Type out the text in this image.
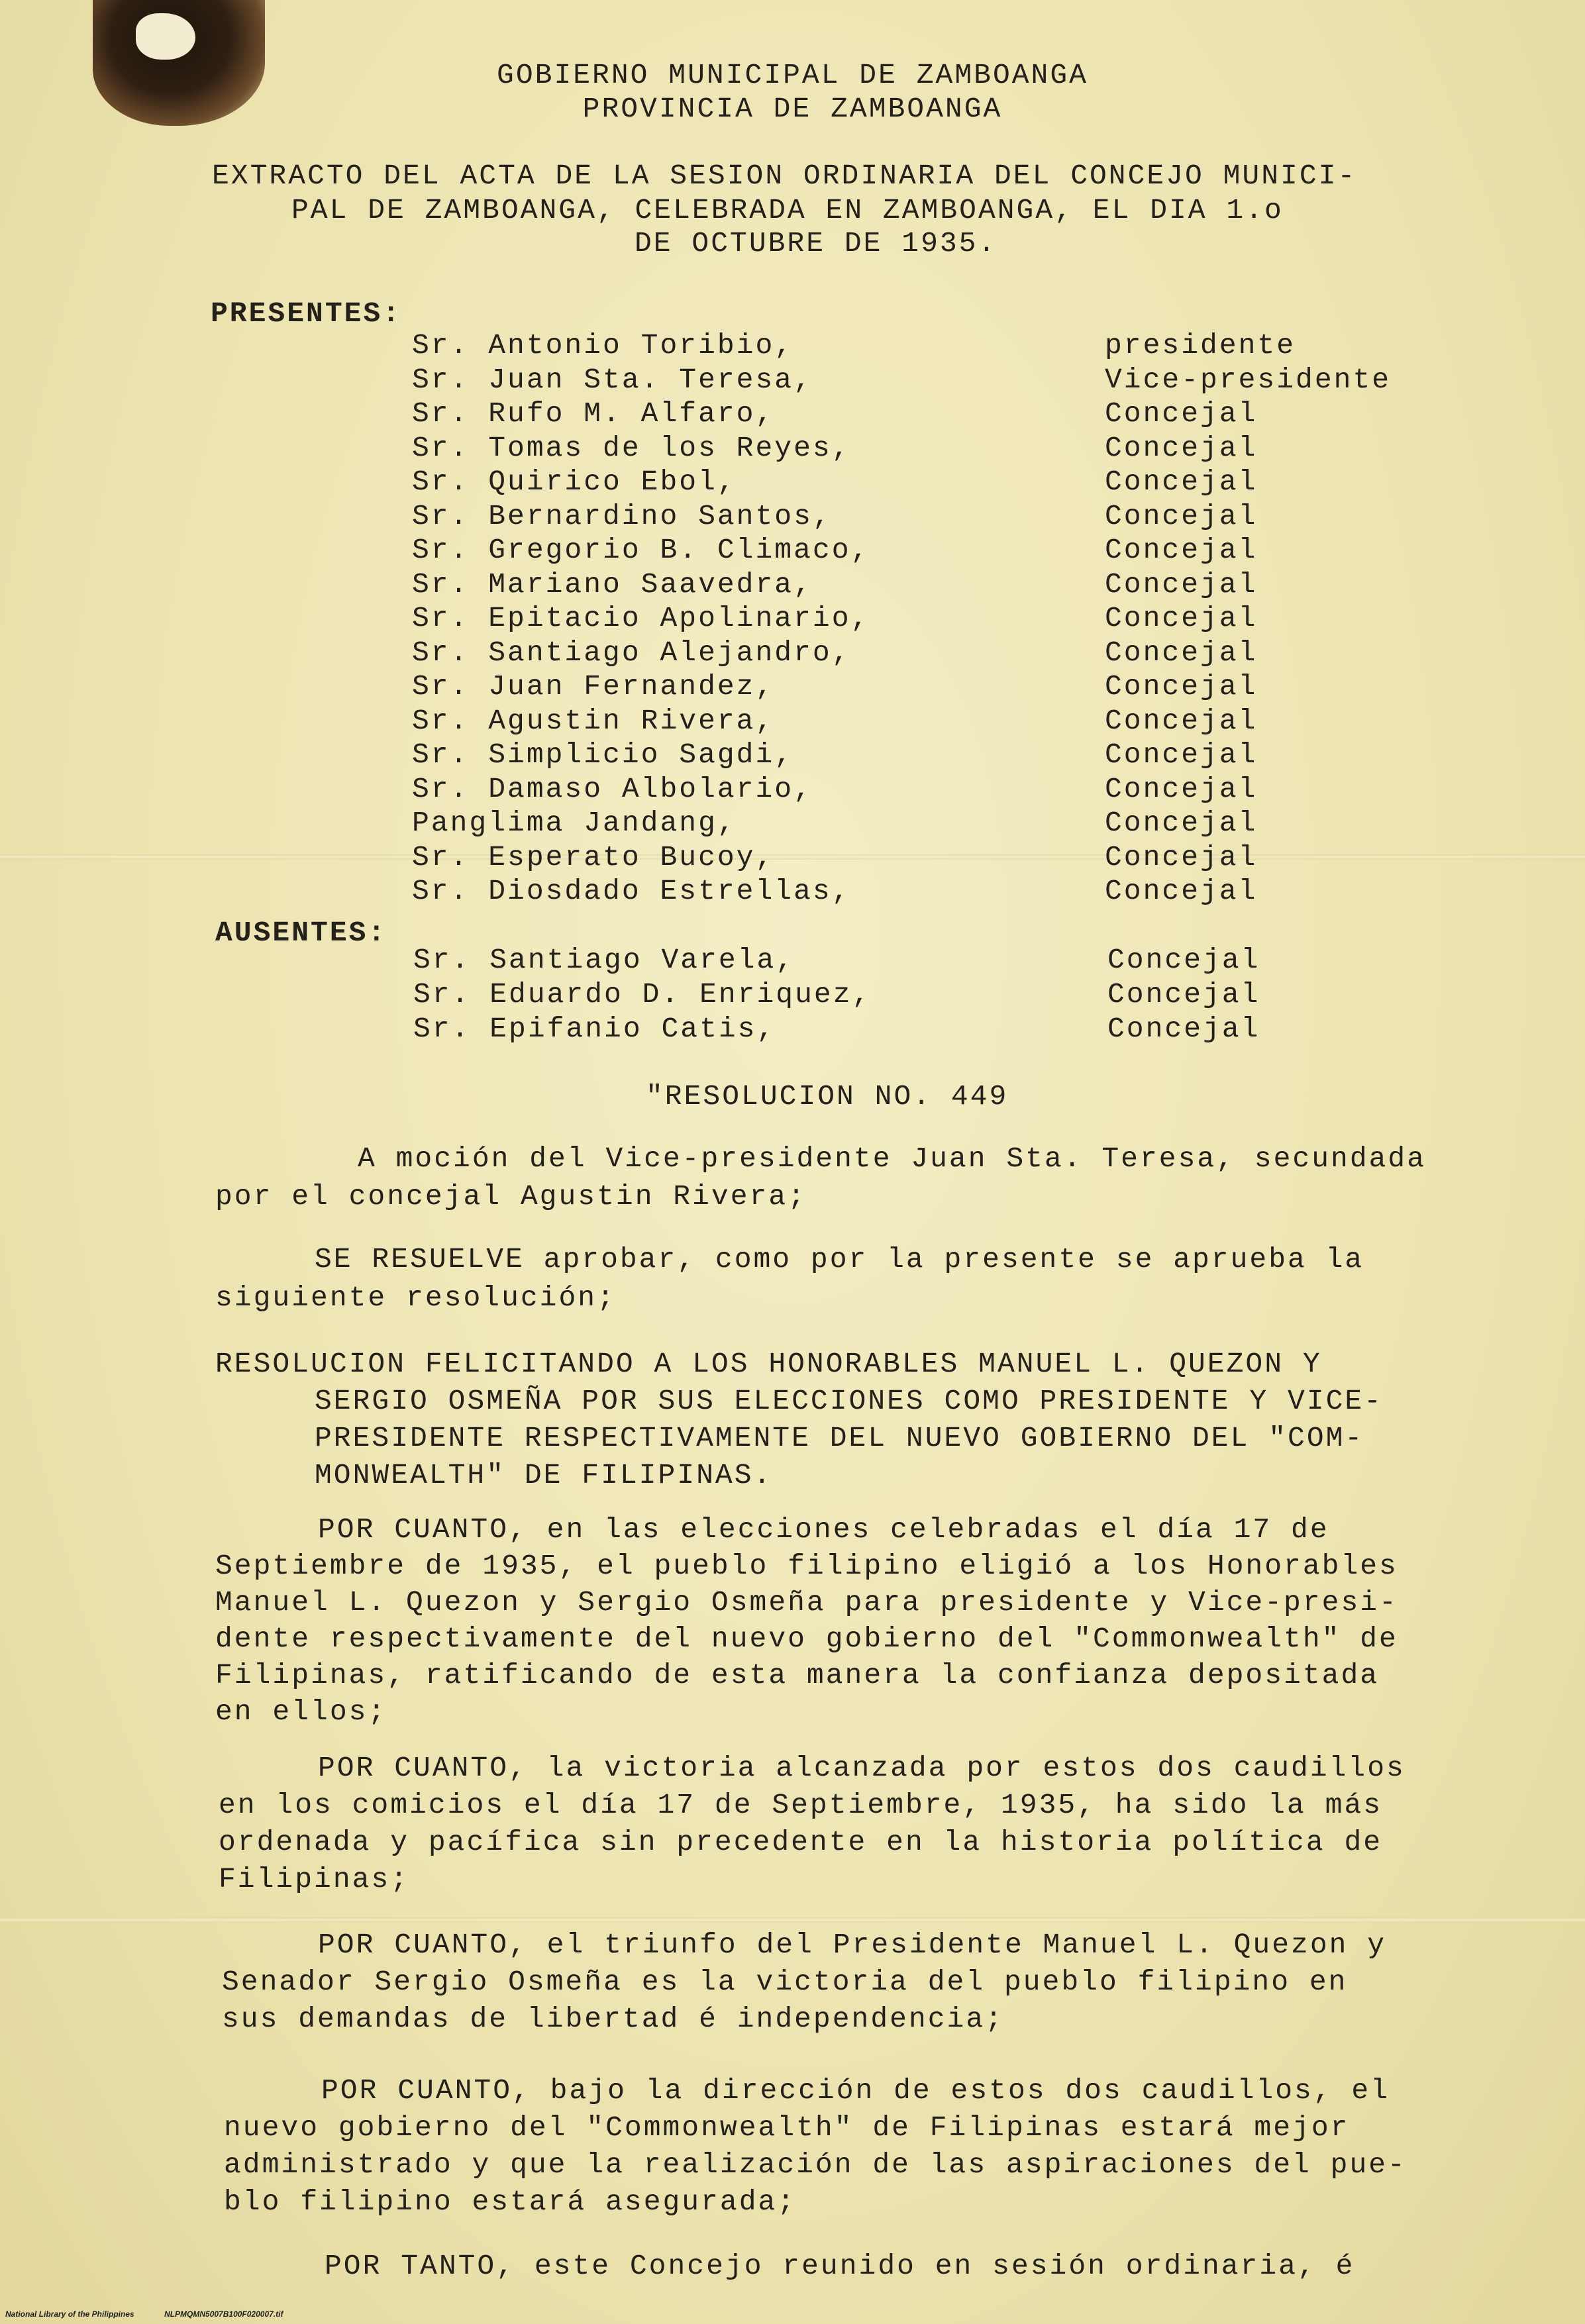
GOBIERNO MUNICIPAL DE ZAMBOANGA
PROVINCIA DE ZAMBOANGA
EXTRACTO DEL ACTA DE LA SESION ORDINARIA DEL CONCEJO MUNICI-
PAL DE ZAMBOANGA, CELEBRADA EN ZAMBOANGA, EL DIA 1.o
DE OCTUBRE DE 1935.
PRESENTES:
Sr. Antonio Toribio,	presidente
Sr. Juan Sta. Teresa,	Vice-presidente
Sr. Rufo M. Alfaro,	Concejal
Sr. Tomas de los Reyes,	Concejal
Sr. Quirico Ebol,	Concejal
Sr. Bernardino Santos,	Concejal
Sr. Gregorio B. Climaco,	Concejal
Sr. Mariano Saavedra,	Concejal
Sr. Epitacio Apolinario,	Concejal
Sr. Santiago Alejandro,	Concejal
Sr. Juan Fernandez,	Concejal
Sr. Agustin Rivera,	Concejal
Sr. Simplicio Sagdi,	Concejal
Sr. Damaso Albolario,	Concejal
Panglima Jandang,	Concejal
Sr. Esperato Bucoy,	Concejal
Sr. Diosdado Estrellas,	Concejal
AUSENTES:
Sr. Santiago Varela,	Concejal
Sr. Eduardo D. Enriquez,	Concejal
Sr. Epifanio Catis,	Concejal
"RESOLUCION NO. 449
A moción del Vice-presidente Juan Sta. Teresa, secundada
por el concejal Agustin Rivera;
SE RESUELVE aprobar, como por la presente se aprueba la
siguiente resolución;
RESOLUCION FELICITANDO A LOS HONORABLES MANUEL L. QUEZON Y
SERGIO OSMEÑA POR SUS ELECCIONES COMO PRESIDENTE Y VICE-
PRESIDENTE RESPECTIVAMENTE DEL NUEVO GOBIERNO DEL "COM-
MONWEALTH" DE FILIPINAS.
POR CUANTO, en las elecciones celebradas el día 17 de
Septiembre de 1935, el pueblo filipino eligió a los Honorables
Manuel L. Quezon y Sergio Osmeña para presidente y Vice-presi-
dente respectivamente del nuevo gobierno del "Commonwealth" de
Filipinas, ratificando de esta manera la confianza depositada
en ellos;
POR CUANTO, la victoria alcanzada por estos dos caudillos
en los comicios el día 17 de Septiembre, 1935, ha sido la más
ordenada y pacífica sin precedente en la historia política de
Filipinas;
POR CUANTO, el triunfo del Presidente Manuel L. Quezon y
Senador Sergio Osmeña es la victoria del pueblo filipino en
sus demandas de libertad é independencia;
POR CUANTO, bajo la dirección de estos dos caudillos, el
nuevo gobierno del "Commonwealth" de Filipinas estará mejor
administrado y que la realización de las aspiraciones del pue-
blo filipino estará asegurada;
POR TANTO, este Concejo reunido en sesión ordinaria, é
National Library of the Philippines	NLPMQMN5007B100F020007.tif
